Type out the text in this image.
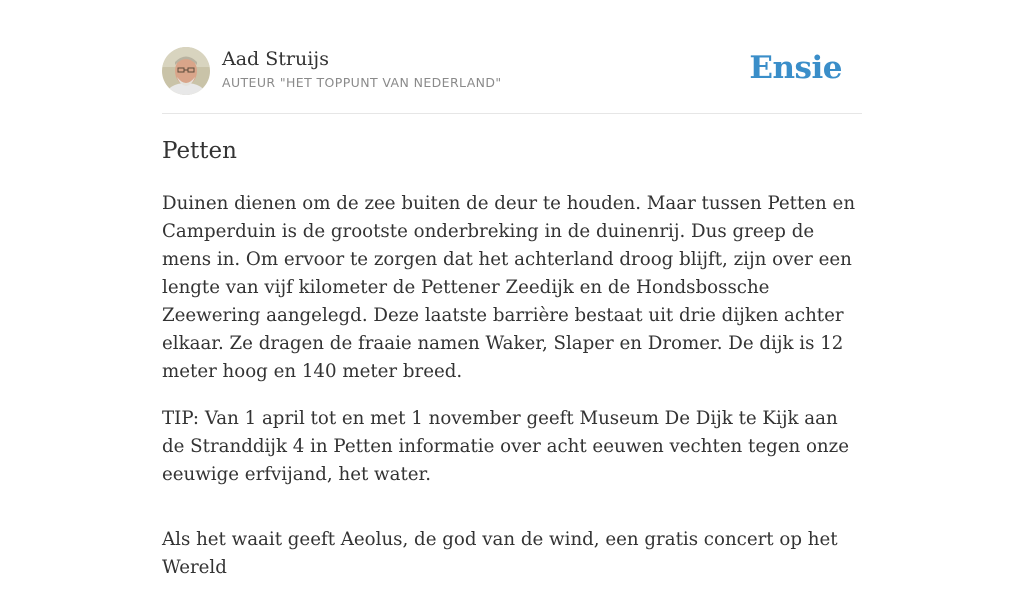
Aad Struijs
AUTEUR "HET TOPPUNT VAN NEDERLAND"	Ensie
Petten

Duinen dienen om de zee buiten de deur te houden. Maar tussen Petten en Camperduin is de grootste onderbreking in de duinenrij. Dus greep de mens in. Om ervoor te zorgen dat het achterland droog blijft, zijn over een lengte van vijf kilometer de Pettener Zeedijk en de Hondsbossche Zeewering aangelegd. Deze laatste barrière bestaat uit drie dijken achter elkaar. Ze dragen de fraaie namen Waker, Slaper en Dromer. De dijk is 12 meter hoog en 140 meter breed.

TIP: Van 1 april tot en met 1 november geeft Museum De Dijk te Kijk aan de Stranddijk 4 in Petten informatie over acht eeuwen vechten tegen onze eeuwige erfvijand, het water.

Als het waait geeft Aeolus, de god van de wind, een gratis concert op het Wereld
